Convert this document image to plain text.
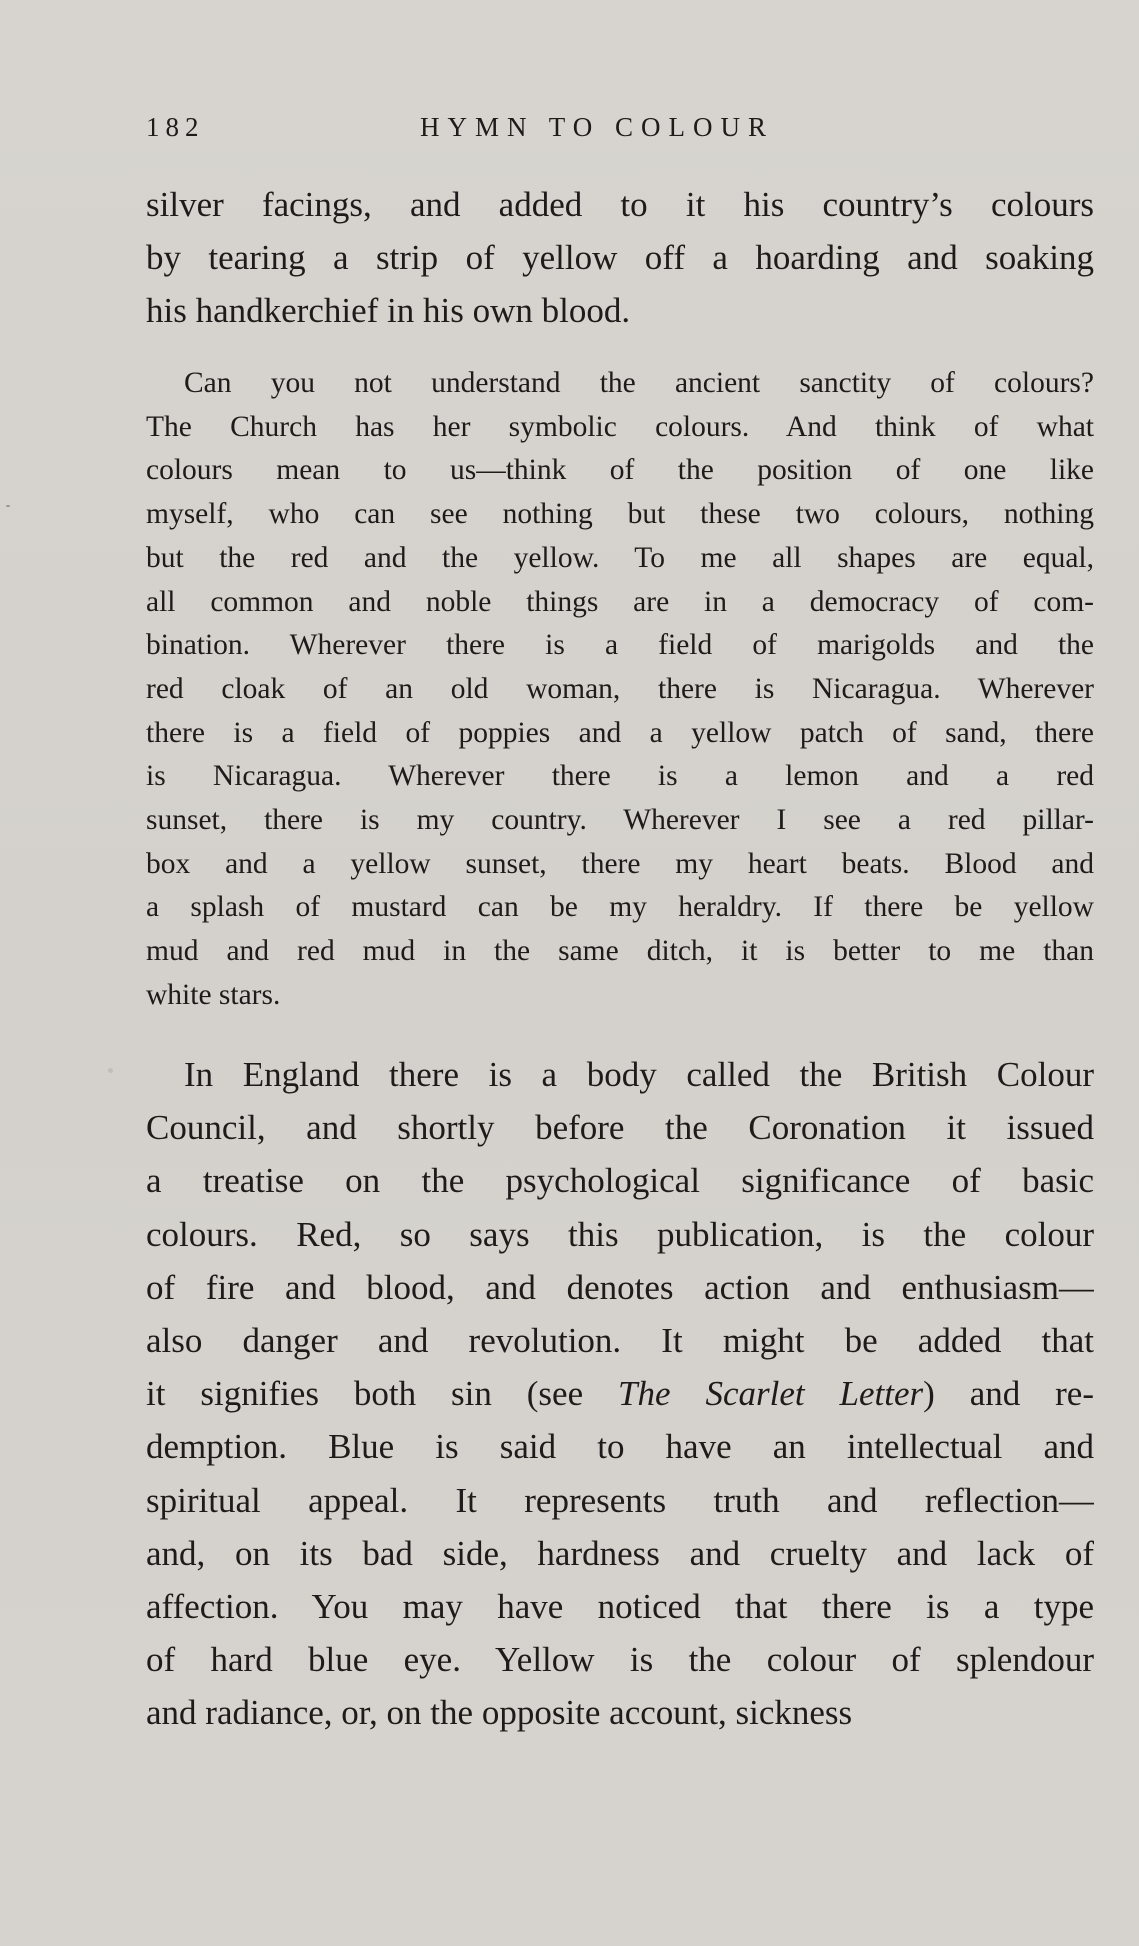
182	HYMN TO COLOUR
silver facings, and added to it his country’s colours
by tearing a strip of yellow off a hoarding and soaking
his handkerchief in his own blood.
Can you not understand the ancient sanctity of colours?
The Church has her symbolic colours. And think of what
colours mean to us—think of the position of one like
myself, who can see nothing but these two colours, nothing
but the red and the yellow. To me all shapes are equal,
all common and noble things are in a democracy of com-
bination. Wherever there is a field of marigolds and the
red cloak of an old woman, there is Nicaragua. Wherever
there is a field of poppies and a yellow patch of sand, there
is Nicaragua. Wherever there is a lemon and a red
sunset, there is my country. Wherever I see a red pillar-
box and a yellow sunset, there my heart beats. Blood and
a splash of mustard can be my heraldry. If there be yellow
mud and red mud in the same ditch, it is better to me than
white stars.
In England there is a body called the British Colour
Council, and shortly before the Coronation it issued
a treatise on the psychological significance of basic
colours. Red, so says this publication, is the colour
of fire and blood, and denotes action and enthusiasm—
also danger and revolution. It might be added that
it signifies both sin (see The Scarlet Letter) and re-
demption. Blue is said to have an intellectual and
spiritual appeal. It represents truth and reflection—
and, on its bad side, hardness and cruelty and lack of
affection. You may have noticed that there is a type
of hard blue eye. Yellow is the colour of splendour
and radiance, or, on the opposite account, sickness
